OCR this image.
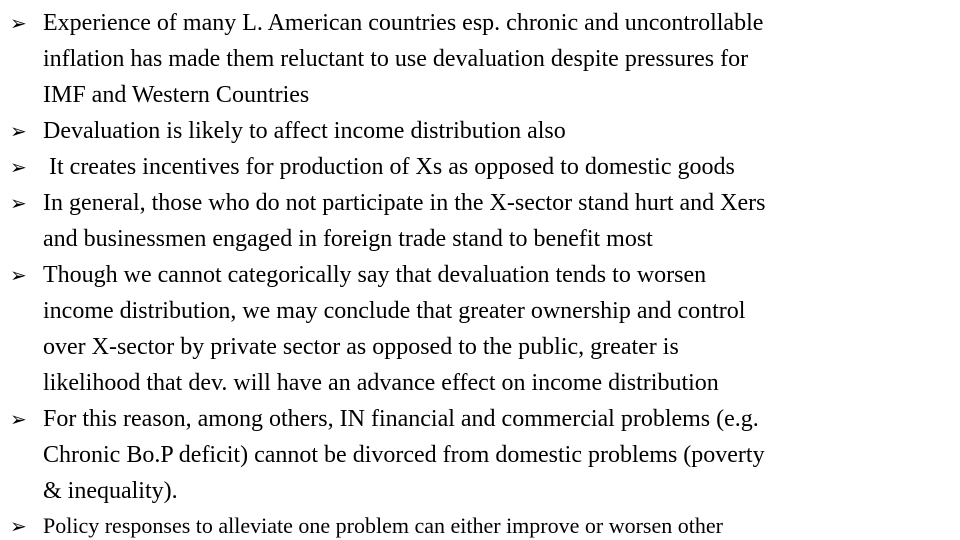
➢ Experience of many L. American countries esp. chronic and uncontrollable
inflation has made them reluctant to use devaluation despite pressures for
IMF and Western Countries
➢ Devaluation is likely to affect income distribution also
➢ It creates incentives for production of Xs as opposed to domestic goods
➢ In general, those who do not participate in the X-sector stand hurt and Xers
and businessmen engaged in foreign trade stand to benefit most
➢ Though we cannot categorically say that devaluation tends to worsen
income distribution, we may conclude that greater ownership and control
over X-sector by private sector as opposed to the public, greater is
likelihood that dev. will have an advance effect on income distribution
➢ For this reason, among others, IN financial and commercial problems (e.g.
Chronic Bo.P deficit) cannot be divorced from domestic problems (poverty
& inequality).
➢ Policy responses to alleviate one problem can either improve or worsen other
